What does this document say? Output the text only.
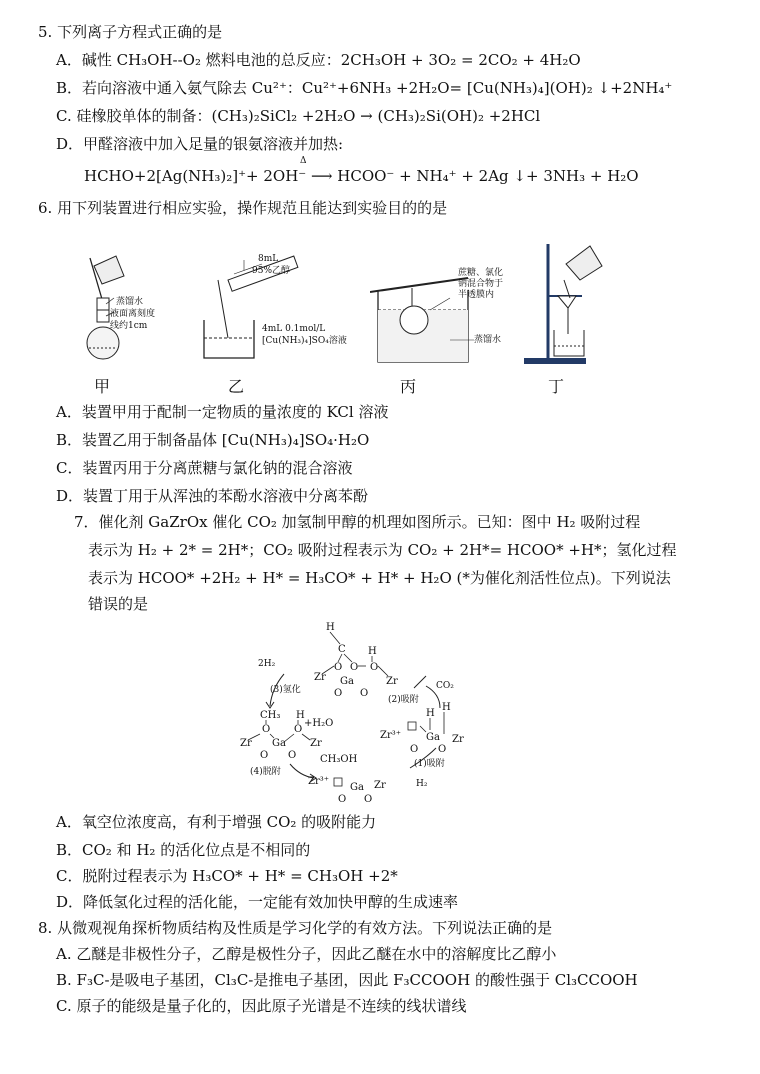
5. 下列离子方程式正确的是
A．碱性 CH₃OH--O₂ 燃料电池的总反应：2CH₃OH + 3O₂ = 2CO₂ + 4H₂O
B．若向溶液中通入氨气除去 Cu²⁺：Cu²⁺+6NH₃ +2H₂O= [Cu(NH₃)₄](OH)₂ ↓+2NH₄⁺
C. 硅橡胶单体的制备：(CH₃)₂SiCl₂ +2H₂O → (CH₃)₂Si(OH)₂ +2HCl
D．甲醛溶液中加入足量的银氨溶液并加热:
HCHO+2[Ag(NH₃)₂]⁺+ 2OH⁻ ⟶ HCOO⁻ + NH₄⁺ + 2Ag ↓+ 3NH₃ + H₂O
Δ
6. 用下列装置进行相应实验，操作规范且能达到实验目的的是
蒸馏水
液面离刻度
线约1cm
8mL
95%乙醇
4mL 0.1mol/L
[Cu(NH₃)₄]SO₄溶液
蔗糖、氯化
钠混合物于
半透膜内
蒸馏水
甲	乙	丙	丁
A．装置甲用于配制一定物质的量浓度的 KCl 溶液
B．装置乙用于制备晶体 [Cu(NH₃)₄]SO₄·H₂O
C．装置丙用于分离蔗糖与氯化钠的混合溶液
D．装置丁用于从浑浊的苯酚水溶液中分离苯酚
7．催化剂 GaZrOx 催化 CO₂ 加氢制甲醇的机理如图所示。已知：图中 H₂ 吸附过程
表示为 H₂ + 2* = 2H*；CO₂ 吸附过程表示为 CO₂ + 2H*= HCOO* +H*；氢化过程
表示为 HCOO* +2H₂ + H* = H₃CO* + H* + H₂O (*为催化剂活性位点)。下列说法
错误的是
H
C
O O
H
O
Zr Ga	Zr
O O
CH₃ H
+H₂O
O O
Zr Ga Zr
O O CH₃OH
H
H
Zr³⁺ Ga Zr
O O
Zr³⁺
Ga Zr
O O
2H₂
(3)氢化
(2)吸附
CO₂
(4)脱附
(1)吸附
H₂
A．氧空位浓度高，有利于增强 CO₂ 的吸附能力
B．CO₂ 和 H₂ 的活化位点是不相同的
C．脱附过程表示为 H₃CO* + H* = CH₃OH +2*
D．降低氢化过程的活化能，一定能有效加快甲醇的生成速率
8. 从微观视角探析物质结构及性质是学习化学的有效方法。下列说法正确的是
A. 乙醚是非极性分子，乙醇是极性分子，因此乙醚在水中的溶解度比乙醇小
B. F₃C-是吸电子基团，Cl₃C-是推电子基团，因此 F₃CCOOH 的酸性强于 Cl₃CCOOH
C. 原子的能级是量子化的，因此原子光谱是不连续的线状谱线
